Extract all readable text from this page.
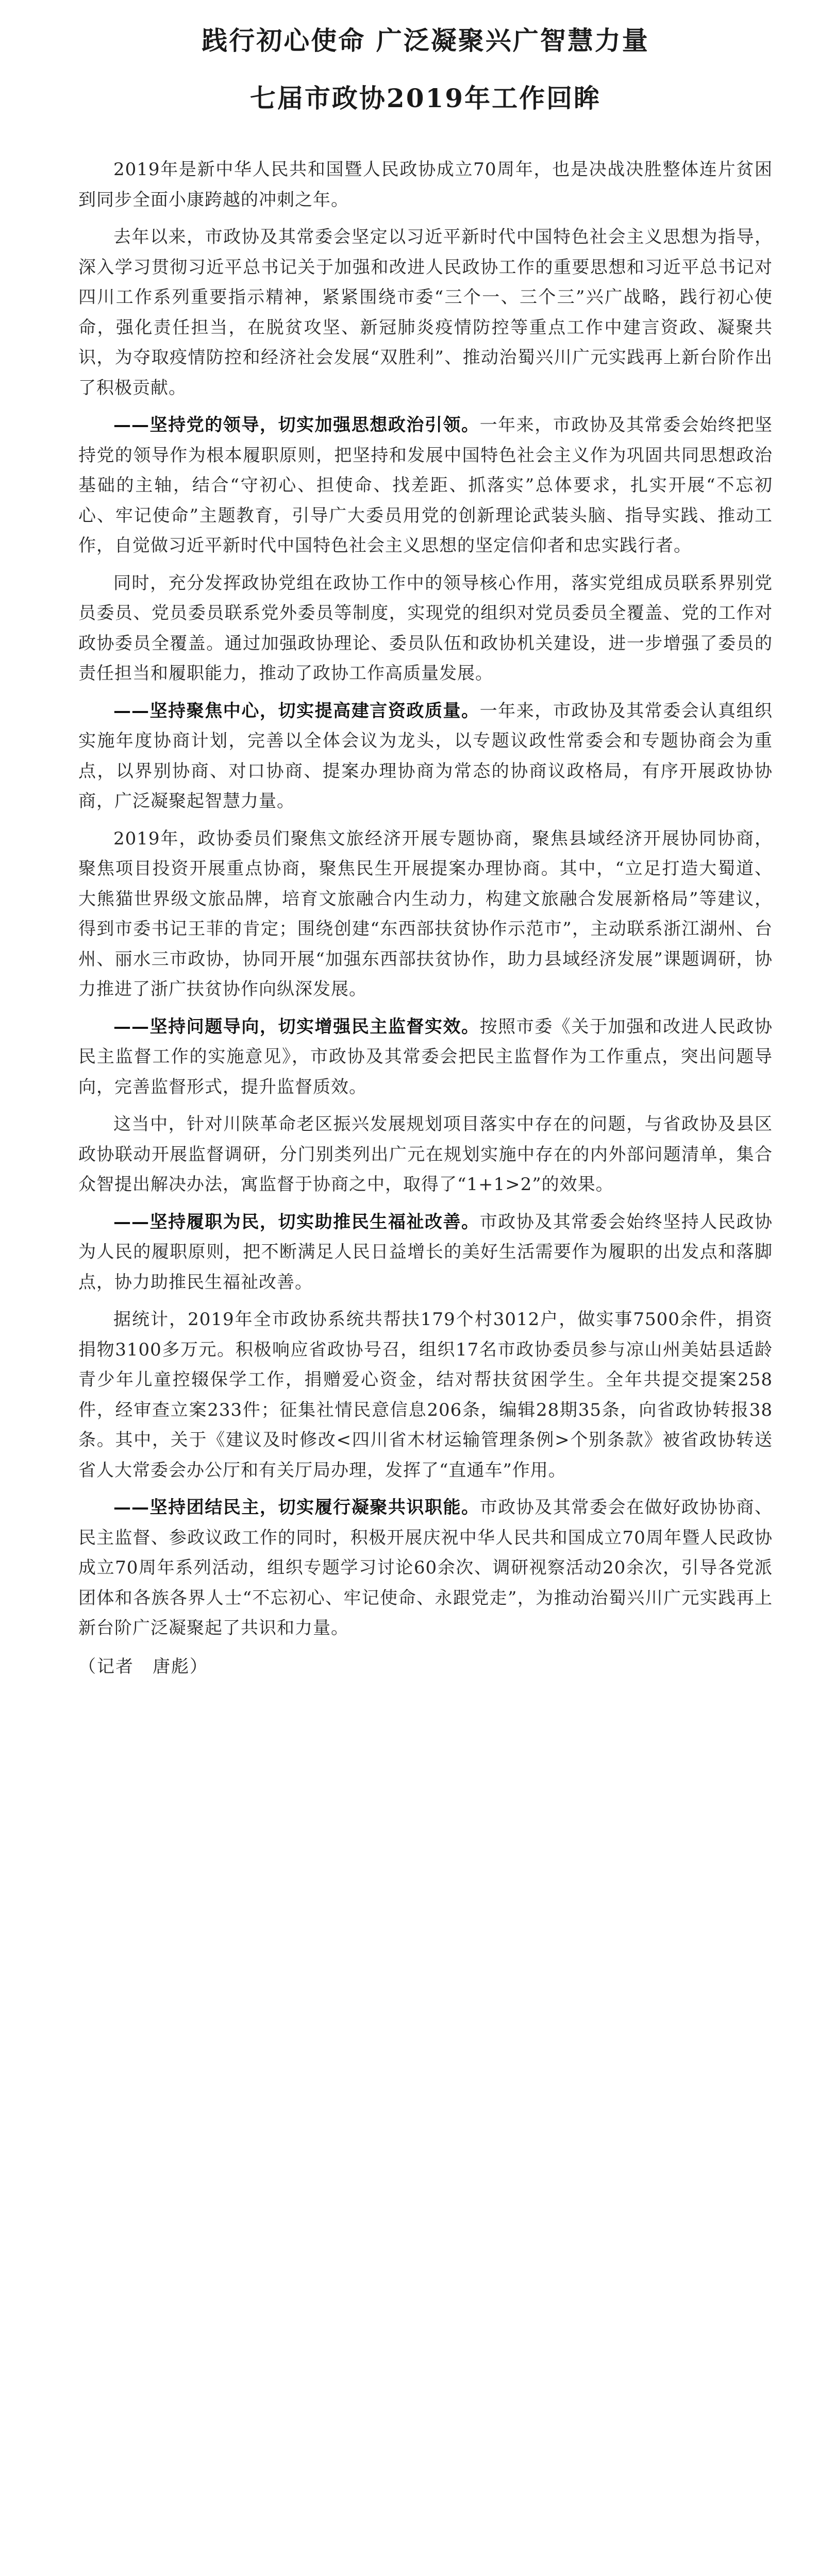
践行初心使命 广泛凝聚兴广智慧力量
七届市政协2019年工作回眸

2019年是新中华人民共和国暨人民政协成立70周年，也是决战决胜整体连片贫困到同步全面小康跨越的冲刺之年。

去年以来，市政协及其常委会坚定以习近平新时代中国特色社会主义思想为指导，深入学习贯彻习近平总书记关于加强和改进人民政协工作的重要思想和习近平总书记对四川工作系列重要指示精神，紧紧围绕市委“三个一、三个三”兴广战略，践行初心使命，强化责任担当，在脱贫攻坚、新冠肺炎疫情防控等重点工作中建言资政、凝聚共识，为夺取疫情防控和经济社会发展“双胜利”、推动治蜀兴川广元实践再上新台阶作出了积极贡献。

——坚持党的领导，切实加强思想政治引领。一年来，市政协及其常委会始终把坚持党的领导作为根本履职原则，把坚持和发展中国特色社会主义作为巩固共同思想政治基础的主轴，结合“守初心、担使命、找差距、抓落实”总体要求，扎实开展“不忘初心、牢记使命”主题教育，引导广大委员用党的创新理论武装头脑、指导实践、推动工作，自觉做习近平新时代中国特色社会主义思想的坚定信仰者和忠实践行者。

同时，充分发挥政协党组在政协工作中的领导核心作用，落实党组成员联系界别党员委员、党员委员联系党外委员等制度，实现党的组织对党员委员全覆盖、党的工作对政协委员全覆盖。通过加强政协理论、委员队伍和政协机关建设，进一步增强了委员的责任担当和履职能力，推动了政协工作高质量发展。

——坚持聚焦中心，切实提高建言资政质量。一年来，市政协及其常委会认真组织实施年度协商计划，完善以全体会议为龙头，以专题议政性常委会和专题协商会为重点，以界别协商、对口协商、提案办理协商为常态的协商议政格局，有序开展政协协商，广泛凝聚起智慧力量。

2019年，政协委员们聚焦文旅经济开展专题协商，聚焦县域经济开展协同协商，聚焦项目投资开展重点协商，聚焦民生开展提案办理协商。其中，“立足打造大蜀道、大熊猫世界级文旅品牌，培育文旅融合内生动力，构建文旅融合发展新格局”等建议，得到市委书记王菲的肯定；围绕创建“东西部扶贫协作示范市”，主动联系浙江湖州、台州、丽水三市政协，协同开展“加强东西部扶贫协作，助力县域经济发展”课题调研，协力推进了浙广扶贫协作向纵深发展。

——坚持问题导向，切实增强民主监督实效。按照市委《关于加强和改进人民政协民主监督工作的实施意见》，市政协及其常委会把民主监督作为工作重点，突出问题导向，完善监督形式，提升监督质效。

这当中，针对川陕革命老区振兴发展规划项目落实中存在的问题，与省政协及县区政协联动开展监督调研，分门别类列出广元在规划实施中存在的内外部问题清单，集合众智提出解决办法，寓监督于协商之中，取得了“1+1>2”的效果。

——坚持履职为民，切实助推民生福祉改善。市政协及其常委会始终坚持人民政协为人民的履职原则，把不断满足人民日益增长的美好生活需要作为履职的出发点和落脚点，协力助推民生福祉改善。

据统计，2019年全市政协系统共帮扶179个村3012户，做实事7500余件，捐资捐物3100多万元。积极响应省政协号召，组织17名市政协委员参与凉山州美姑县适龄青少年儿童控辍保学工作，捐赠爱心资金，结对帮扶贫困学生。全年共提交提案258件，经审查立案233件；征集社情民意信息206条，编辑28期35条，向省政协转报38条。其中，关于《建议及时修改<四川省木材运输管理条例>个别条款》被省政协转送省人大常委会办公厅和有关厅局办理，发挥了“直通车”作用。

——坚持团结民主，切实履行凝聚共识职能。市政协及其常委会在做好政协协商、民主监督、参政议政工作的同时，积极开展庆祝中华人民共和国成立70周年暨人民政协成立70周年系列活动，组织专题学习讨论60余次、调研视察活动20余次，引导各党派团体和各族各界人士“不忘初心、牢记使命、永跟党走”，为推动治蜀兴川广元实践再上新台阶广泛凝聚起了共识和力量。

（记者　唐彪）
